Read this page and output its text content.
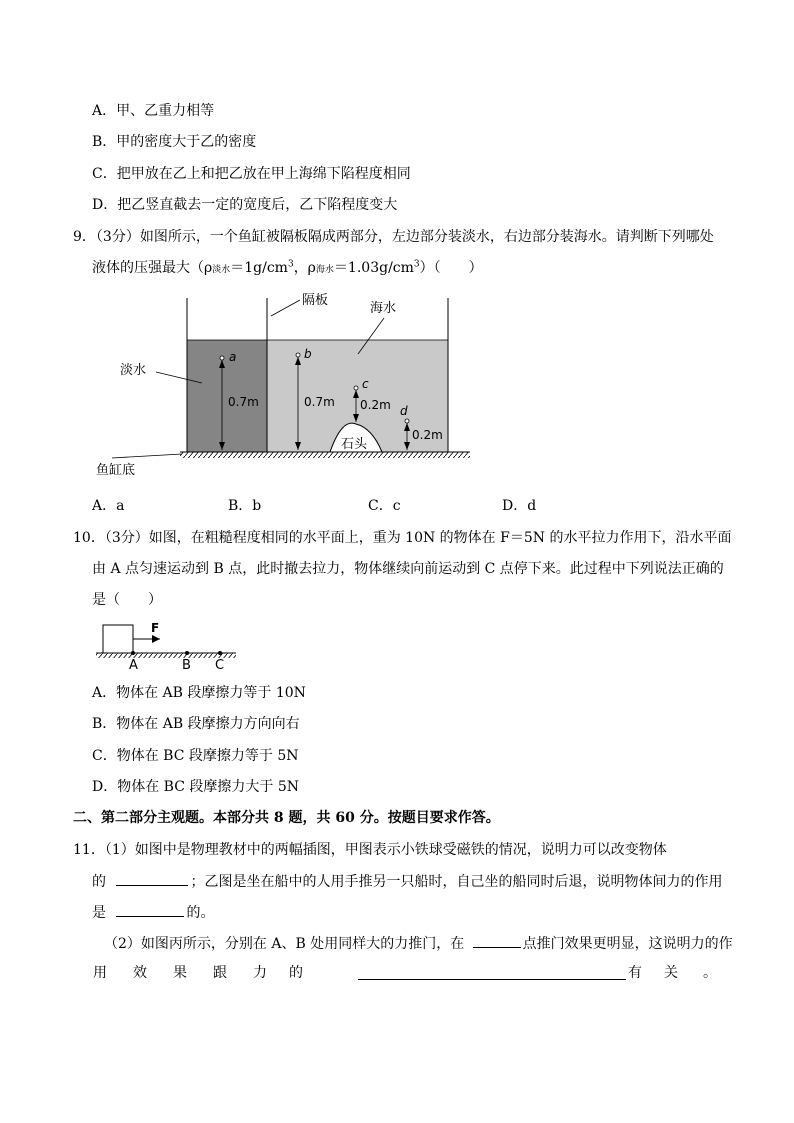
A．甲、乙重力相等
B．甲的密度大于乙的密度
C．把甲放在乙上和把乙放在甲上海绵下陷程度相同
D．把乙竖直截去一定的宽度后，乙下陷程度变大
9．（3分）如图所示，一个鱼缸被隔板隔成两部分，左边部分装淡水，右边部分装海水。请判断下列哪处
液体的压强最大（ρ淡水$=1g/cm^3$，ρ海水$=1.03g/cm^3$）（　　）
石头
隔板
海水
淡水
鱼缸底
a
0.7m
b
0.7m
c
0.2m d
0.2m
A．a	B．b	C．c	D．d
10．（3分）如图，在粗糙程度相同的水平面上，重为 10N 的物体在 F＝5N 的水平拉力作用下，沿水平面
由 A 点匀速运动到 B 点，此时撤去拉力，物体继续向前运动到 C 点停下来。此过程中下列说法正确的
是（　　）
F
A	B C
A．物体在 AB 段摩擦力等于 10N
B．物体在 AB 段摩擦力方向向右
C．物体在 BC 段摩擦力等于 5N
D．物体在 BC 段摩擦力大于 5N
二、第二部分主观题。本部分共 8 题，共 60 分。按题目要求作答。
11．（1）如图中是物理教材中的两幅插图，甲图表示小铁球受磁铁的情况，说明力可以改变物体
的	；乙图是坐在船中的人用手推另一只船时，自己坐的船同时后退，说明物体间力的作用
是	的。
（2）如图丙所示，分别在 A、B 处用同样大的力推门，在	点推门效果更明显，这说明力的作
用 效 果 跟 力 的	有 关 。
